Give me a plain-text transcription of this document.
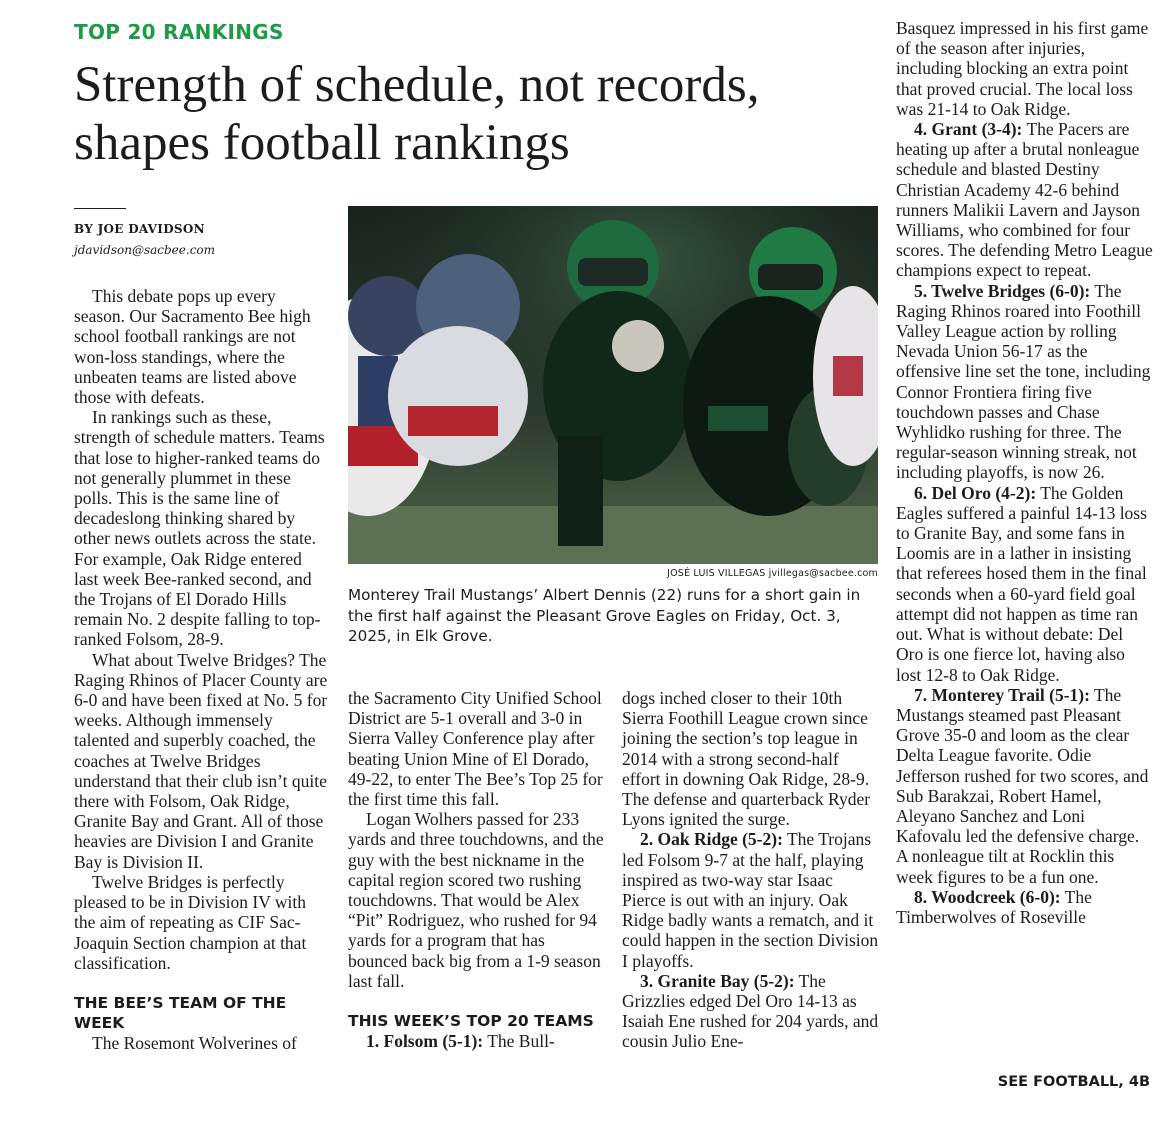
TOP 20 RANKINGS
Strength of schedule, not records, shapes football rankings
BY JOE DAVIDSON
jdavidson@sacbee.com

This debate pops up every season. Our Sacramento Bee high school football rankings are not won-loss standings, where the unbeaten teams are listed above those with defeats.

In rankings such as these, strength of schedule matters. Teams that lose to higher-ranked teams do not generally plummet in these polls. This is the same line of decadeslong thinking shared by other news outlets across the state. For example, Oak Ridge entered last week Bee-ranked second, and the Trojans of El Dorado Hills remain No. 2 despite falling to top-ranked Folsom, 28-9.

What about Twelve Bridges? The Raging Rhinos of Placer County are 6-0 and have been fixed at No. 5 for weeks. Although immensely talented and superbly coached, the coaches at Twelve Bridges understand that their club isn’t quite there with Folsom, Oak Ridge, Granite Bay and Grant. All of those heavies are Division I and Granite Bay is Division II.

Twelve Bridges is perfectly pleased to be in Division IV with the aim of repeating as CIF Sac-Joaquin Section champion at that classification.

THE BEE’S TEAM OF THE WEEK

The Rosemont Wolverines of

JOSÉ LUIS VILLEGAS jvillegas@sacbee.com
Monterey Trail Mustangs’ Albert Dennis (22) runs for a short gain in the first half against the Pleasant Grove Eagles on Friday, Oct. 3, 2025, in Elk Grove.

the Sacramento City Unified School District are 5-1 overall and 3-0 in Sierra Valley Conference play after beating Union Mine of El Dorado, 49-22, to enter The Bee’s Top 25 for the first time this fall.

Logan Wolhers passed for 233 yards and three touchdowns, and the guy with the best nickname in the capital region scored two rushing touchdowns. That would be Alex “Pit” Rodriguez, who rushed for 94 yards for a program that has bounced back big from a 1-9 season last fall.

THIS WEEK’S TOP 20 TEAMS

1. Folsom (5-1): The Bull-

dogs inched closer to their 10th Sierra Foothill League crown since joining the section’s top league in 2014 with a strong second-half effort in downing Oak Ridge, 28-9. The defense and quarterback Ryder Lyons ignited the surge.

2. Oak Ridge (5-2): The Trojans led Folsom 9-7 at the half, playing inspired as two-way star Isaac Pierce is out with an injury. Oak Ridge badly wants a rematch, and it could happen in the section Division I playoffs.

3. Granite Bay (5-2): The Grizzlies edged Del Oro 14-13 as Isaiah Ene rushed for 204 yards, and cousin Julio Ene-

Basquez impressed in his first game of the season after injuries, including blocking an extra point that proved crucial. The local loss was 21-14 to Oak Ridge.

4. Grant (3-4): The Pacers are heating up after a brutal nonleague schedule and blasted Destiny Christian Academy 42-6 behind runners Malikii Lavern and Jayson Williams, who combined for four scores. The defending Metro League champions expect to repeat.

5. Twelve Bridges (6-0): The Raging Rhinos roared into Foothill Valley League action by rolling Nevada Union 56-17 as the offensive line set the tone, including Connor Frontiera firing five touchdown passes and Chase Wyhlidko rushing for three. The regular-season winning streak, not including playoffs, is now 26.

6. Del Oro (4-2): The Golden Eagles suffered a painful 14-13 loss to Granite Bay, and some fans in Loomis are in a lather in insisting that referees hosed them in the final seconds when a 60-yard field goal attempt did not happen as time ran out. What is without debate: Del Oro is one fierce lot, having also lost 12-8 to Oak Ridge.

7. Monterey Trail (5-1): The Mustangs steamed past Pleasant Grove 35-0 and loom as the clear Delta League favorite. Odie Jefferson rushed for two scores, and Sub Barakzai, Robert Hamel, Aleyano Sanchez and Loni Kafovalu led the defensive charge. A nonleague tilt at Rocklin this week figures to be a fun one.

8. Woodcreek (6-0): The Timberwolves of Roseville

SEE FOOTBALL, 4B
